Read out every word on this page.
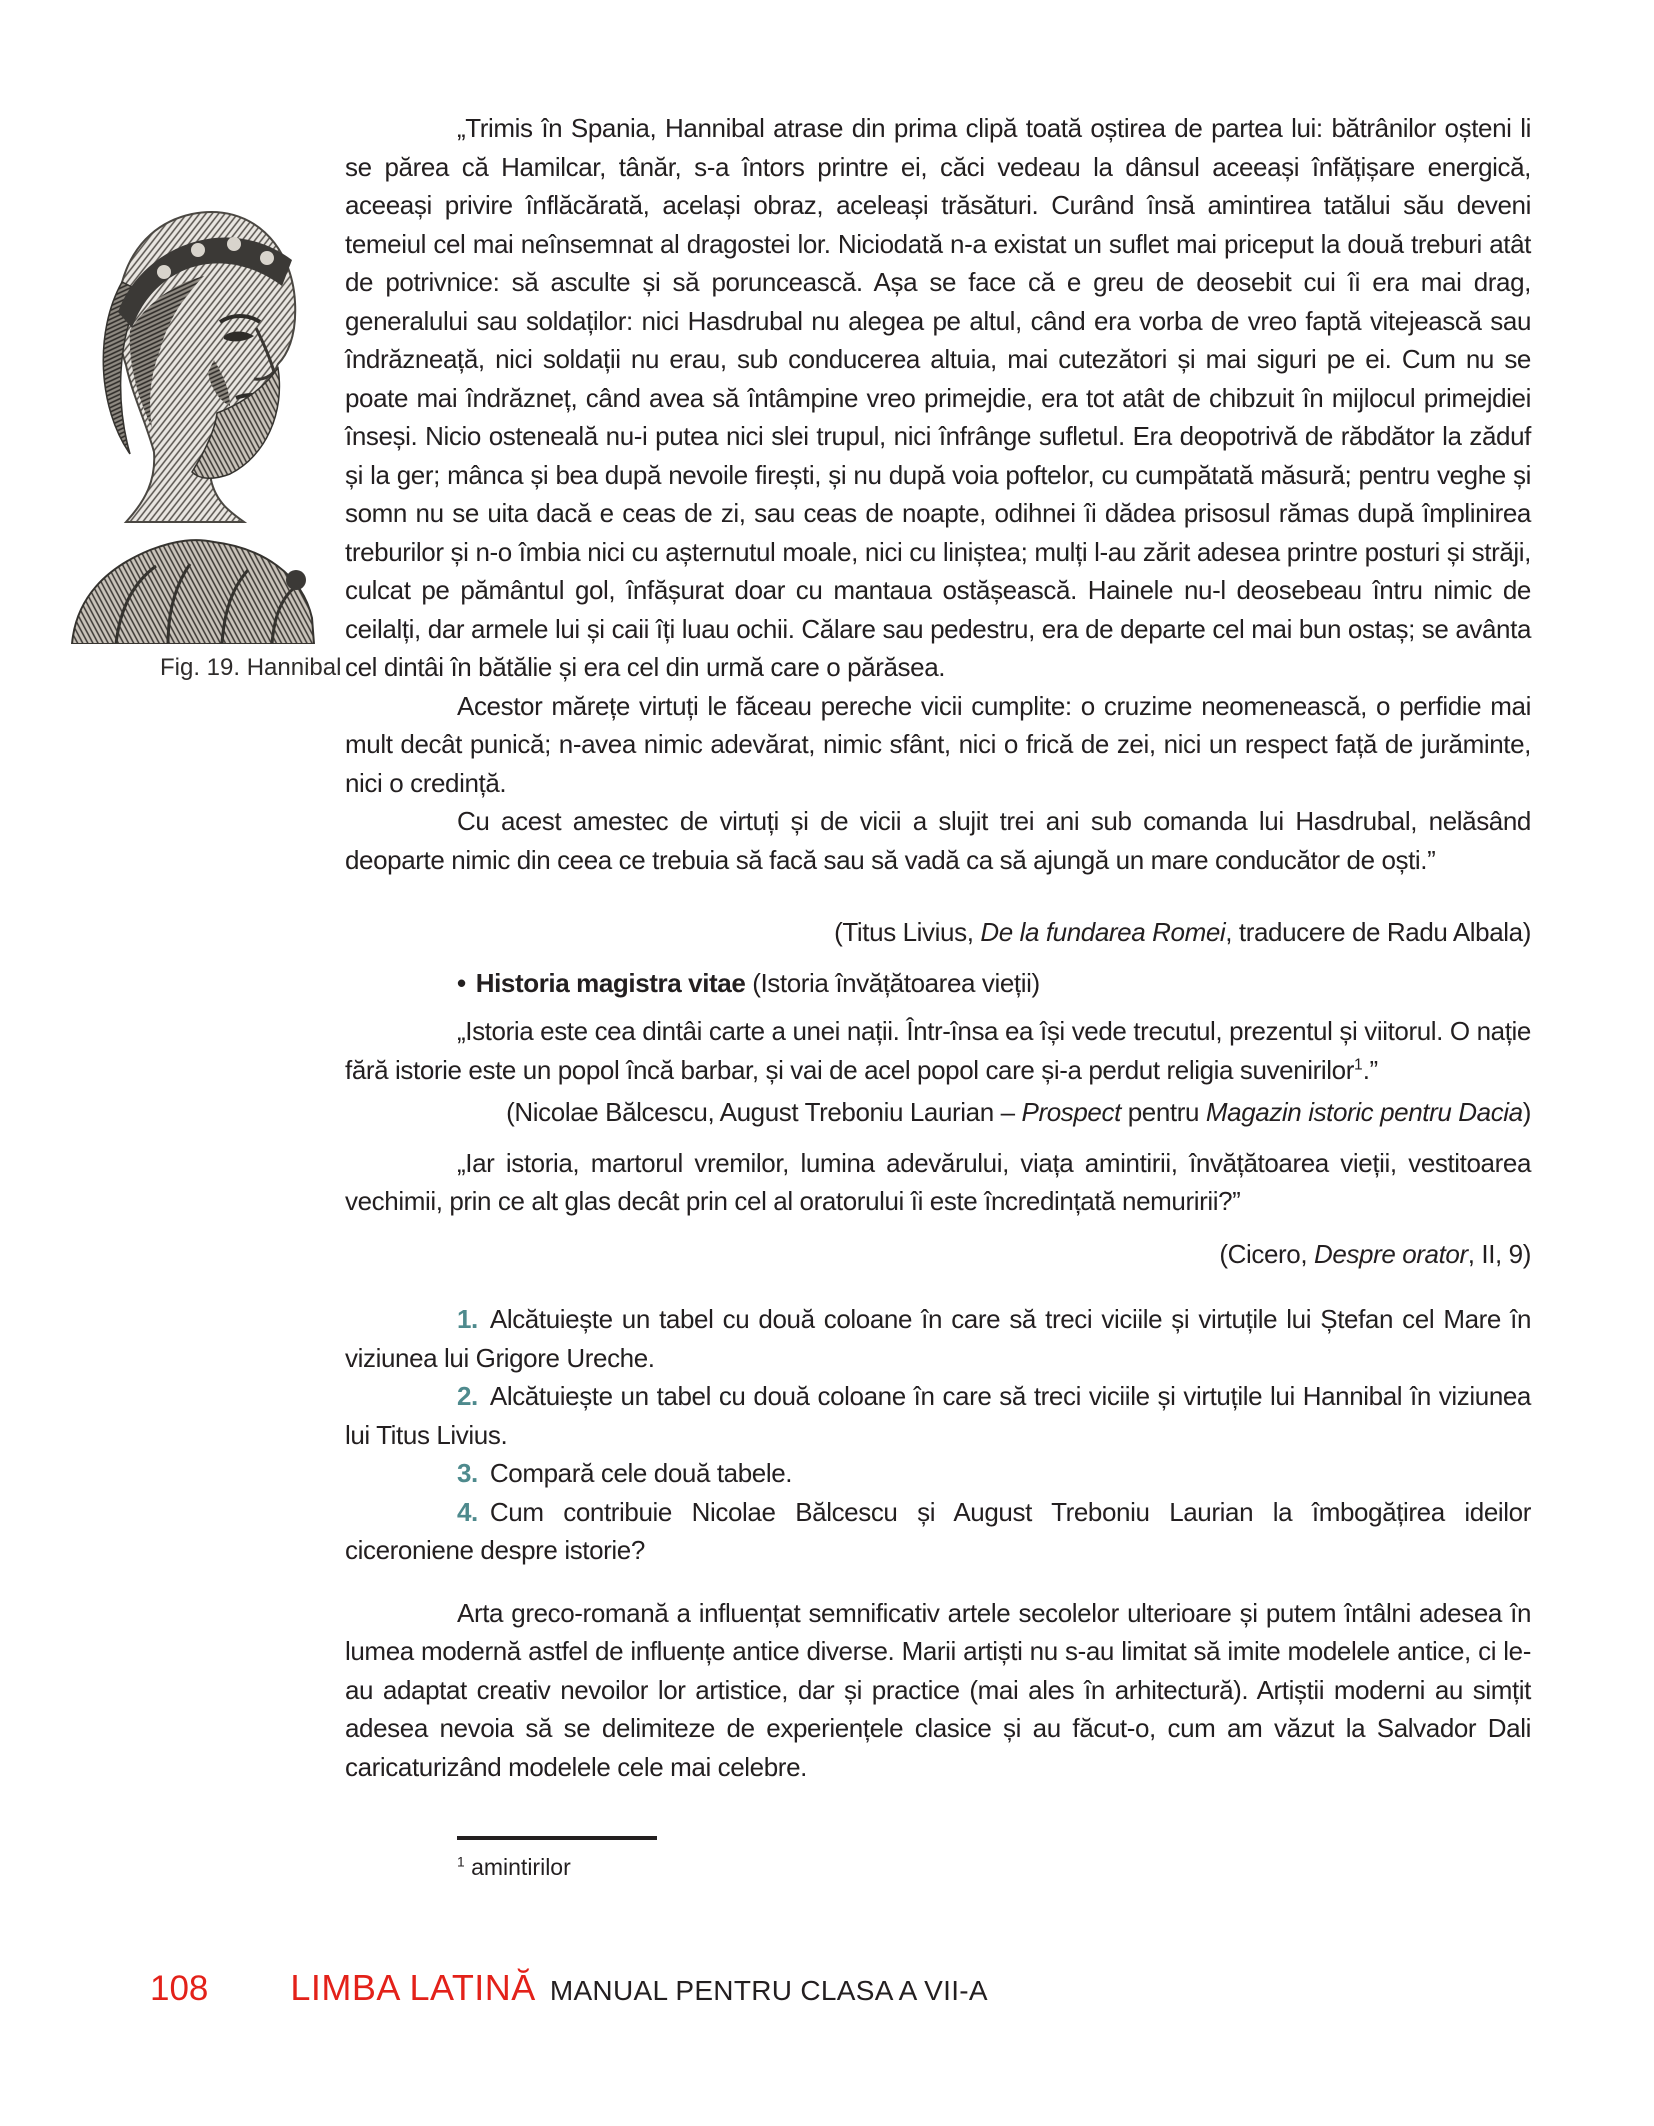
Fig. 19. Hannibal

„Trimis în Spania, Hannibal atrase din prima clipă toată oștirea de partea lui: bătrânilor oșteni li se părea că Hamilcar, tânăr, s-a întors printre ei, căci vedeau la dânsul aceeași înfățișare energică, aceeași privire înflăcărată, același obraz, aceleași trăsături. Curând însă amintirea tatălui său deveni temeiul cel mai neînsemnat al dragostei lor. Niciodată n-a existat un suflet mai priceput la două treburi atât de potrivnice: să asculte și să poruncească. Așa se face că e greu de deosebit cui îi era mai drag, generalului sau soldaților: nici Hasdrubal nu alegea pe altul, când era vorba de vreo faptă vitejească sau îndrăzneață, nici soldații nu erau, sub conducerea altuia, mai cutezători și mai siguri pe ei. Cum nu se poate mai îndrăzneț, când avea să întâmpine vreo primejdie, era tot atât de chibzuit în mijlocul primejdiei înseși. Nicio osteneală nu-i putea nici slei trupul, nici înfrânge sufletul. Era deopotrivă de răbdător la zăduf și la ger; mânca și bea după nevoile firești, și nu după voia poftelor, cu cumpătată măsură; pentru veghe și somn nu se uita dacă e ceas de zi, sau ceas de noapte, odihnei îi dădea prisosul rămas după împlinirea treburilor și n-o îmbia nici cu așternutul moale, nici cu liniștea; mulți l-au zărit adesea printre posturi și străji, culcat pe pământul gol, înfășurat doar cu mantaua ostășească. Hainele nu-l deosebeau întru nimic de ceilalți, dar armele lui și caii îți luau ochii. Călare sau pedestru, era de departe cel mai bun ostaș; se avânta cel dintâi în bătălie și era cel din urmă care o părăsea.

Acestor mărețe virtuți le făceau pereche vicii cumplite: o cruzime neomenească, o perfidie mai mult decât punică; n-avea nimic adevărat, nimic sfânt, nici o frică de zei, nici un respect față de jurăminte, nici o credință.

Cu acest amestec de virtuți și de vicii a slujit trei ani sub comanda lui Hasdrubal, nelăsând deoparte nimic din ceea ce trebuia să facă sau să vadă ca să ajungă un mare conducător de oști.”

(Titus Livius, De la fundarea Romei, traducere de Radu Albala)

• Historia magistra vitae (Istoria învățătoarea vieții)

„Istoria este cea dintâi carte a unei nații. Într-însa ea își vede trecutul, prezentul și viitorul. O nație fără istorie este un popol încă barbar, și vai de acel popol care și-a perdut religia suvenirilor$^1$.”

(Nicolae Bălcescu, August Treboniu Laurian – Prospect pentru Magazin istoric pentru Dacia)

„Iar istoria, martorul vremilor, lumina adevărului, viața amintirii, învățătoarea vieții, vestitoarea vechimii, prin ce alt glas decât prin cel al oratorului îi este încredințată nemuririi?”

(Cicero, Despre orator, II, 9)

1. Alcătuiește un tabel cu două coloane în care să treci viciile și virtuțile lui Ștefan cel Mare în viziunea lui Grigore Ureche.

2. Alcătuiește un tabel cu două coloane în care să treci viciile și virtuțile lui Hannibal în viziunea lui Titus Livius.

3. Compară cele două tabele.

4. Cum contribuie Nicolae Bălcescu și August Treboniu Laurian la îmbogățirea ideilor ciceroniene despre istorie?

Arta greco-romană a influențat semnificativ artele secolelor ulterioare și putem întâlni adesea în lumea modernă astfel de influențe antice diverse. Marii artiști nu s-au limitat să imite modelele antice, ci le-au adaptat creativ nevoilor lor artistice, dar și practice (mai ales în arhitectură). Artiștii moderni au simțit adesea nevoia să se delimiteze de experiențele clasice și au făcut-o, cum am văzut la Salvador Dali caricaturizând modelele cele mai celebre.

$^1$ amintirilor
108 LIMBA LATINĂ MANUAL PENTRU CLASA A VII-A
